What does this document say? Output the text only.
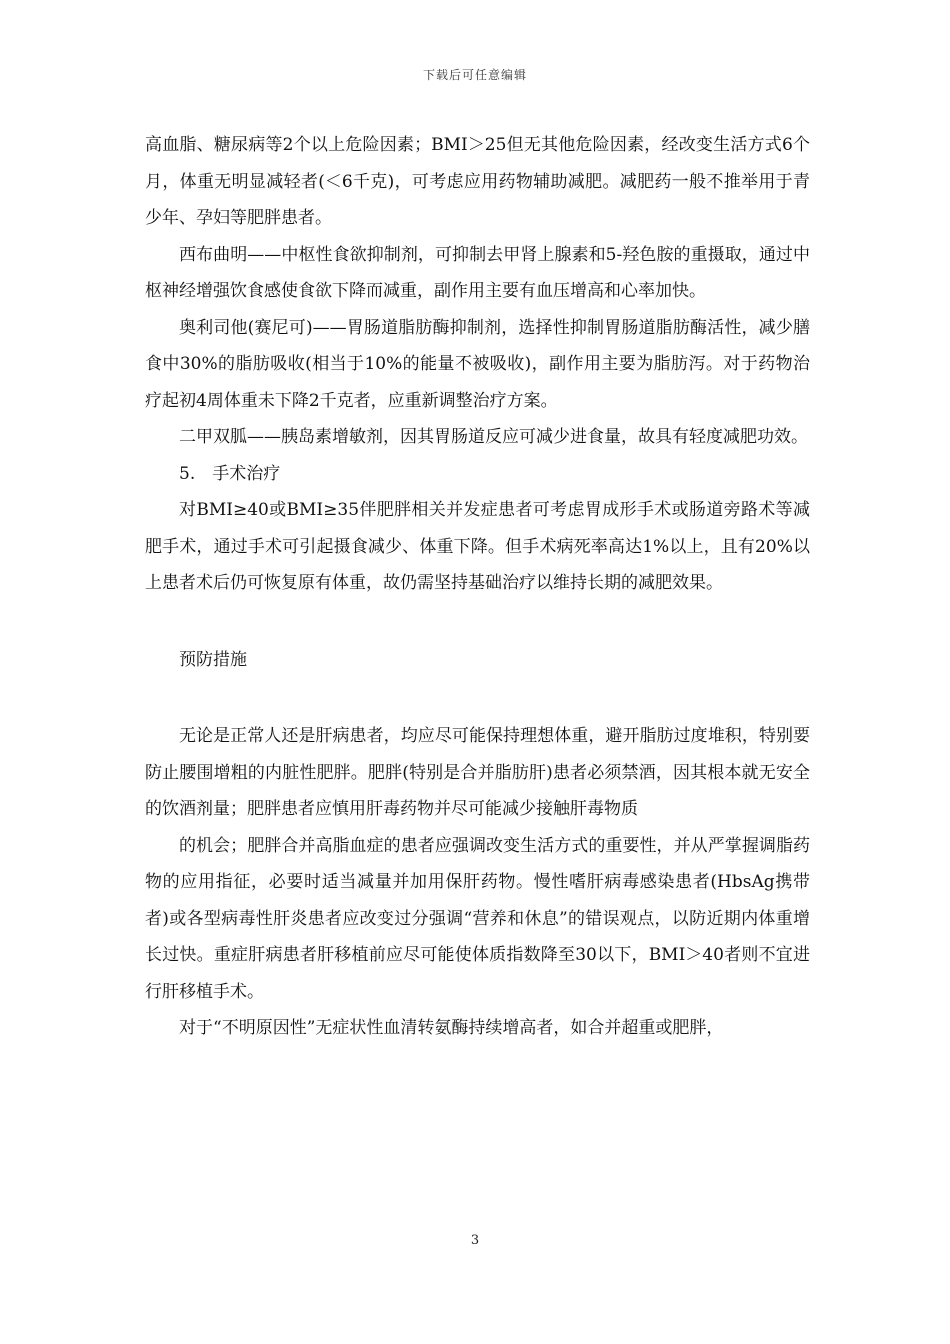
下载后可任意编辑

高血脂、糖尿病等2个以上危险因素；BMI＞25但无其他危险因素，经改变生活方式6个月，体重无明显减轻者(＜6千克)，可考虑应用药物辅助减肥。减肥药一般不推举用于青少年、孕妇等肥胖患者。

西布曲明——中枢性食欲抑制剂，可抑制去甲肾上腺素和5-羟色胺的重摄取，通过中枢神经增强饮食感使食欲下降而减重，副作用主要有血压增高和心率加快。

奥利司他(赛尼可)——胃肠道脂肪酶抑制剂，选择性抑制胃肠道脂肪酶活性，减少膳食中30%的脂肪吸收(相当于10%的能量不被吸收)，副作用主要为脂肪泻。对于药物治疗起初4周体重未下降2千克者，应重新调整治疗方案。

二甲双胍——胰岛素增敏剂，因其胃肠道反应可减少进食量，故具有轻度减肥功效。

5.　手术治疗

对BMI≥40或BMI≥35伴肥胖相关并发症患者可考虑胃成形手术或肠道旁路术等减肥手术，通过手术可引起摄食减少、体重下降。但手术病死率高达1%以上，且有20%以上患者术后仍可恢复原有体重，故仍需坚持基础治疗以维持长期的减肥效果。

预防措施

无论是正常人还是肝病患者，均应尽可能保持理想体重，避开脂肪过度堆积，特别要防止腰围增粗的内脏性肥胖。肥胖(特别是合并脂肪肝)患者必须禁酒，因其根本就无安全的饮酒剂量；肥胖患者应慎用肝毒药物并尽可能减少接触肝毒物质

的机会；肥胖合并高脂血症的患者应强调改变生活方式的重要性，并从严掌握调脂药物的应用指征，必要时适当减量并加用保肝药物。慢性嗜肝病毒感染患者(HbsAg携带者)或各型病毒性肝炎患者应改变过分强调“营养和休息”的错误观点，以防近期内体重增长过快。重症肝病患者肝移植前应尽可能使体质指数降至30以下，BMI＞40者则不宜进行肝移植手术。

对于“不明原因性”无症状性血清转氨酶持续增高者，如合并超重或肥胖，

3
